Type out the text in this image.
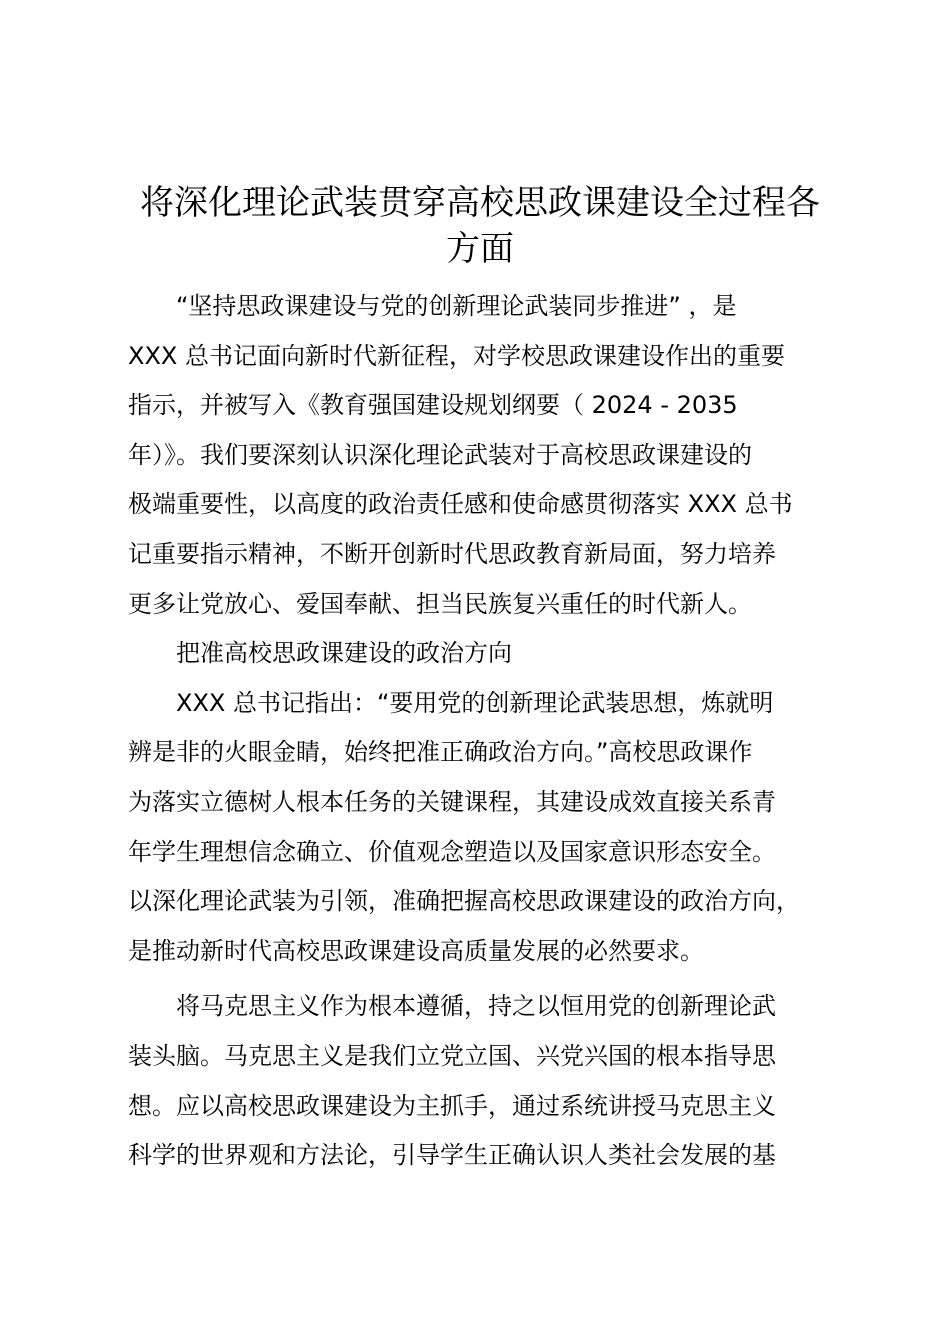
将深化理论武装贯穿高校思政课建设全过程各
方面
“坚持思政课建设与党的创新理论武装同步推进” ，是
XXX 总书记面向新时代新征程，对学校思政课建设作出的重要
指示，并被写入《教育强国建设规划纲要（ 2024 - 2035
年）》。我们要深刻认识深化理论武装对于高校思政课建设的
极端重要性，以高度的政治责任感和使命感贯彻落实 XXX 总书
记重要指示精神，不断开创新时代思政教育新局面，努力培养
更多让党放心、爱国奉献、担当民族复兴重任的时代新人。
把准高校思政课建设的政治方向
XXX 总书记指出：“要用党的创新理论武装思想，炼就明
辨是非的火眼金睛，始终把准正确政治方向。”高校思政课作
为落实立德树人根本任务的关键课程，其建设成效直接关系青
年学生理想信念确立、价值观念塑造以及国家意识形态安全。
以深化理论武装为引领，准确把握高校思政课建设的政治方向，
是推动新时代高校思政课建设高质量发展的必然要求。
将马克思主义作为根本遵循，持之以恒用党的创新理论武
装头脑。马克思主义是我们立党立国、兴党兴国的根本指导思
想。应以高校思政课建设为主抓手，通过系统讲授马克思主义
科学的世界观和方法论，引导学生正确认识人类社会发展的基
